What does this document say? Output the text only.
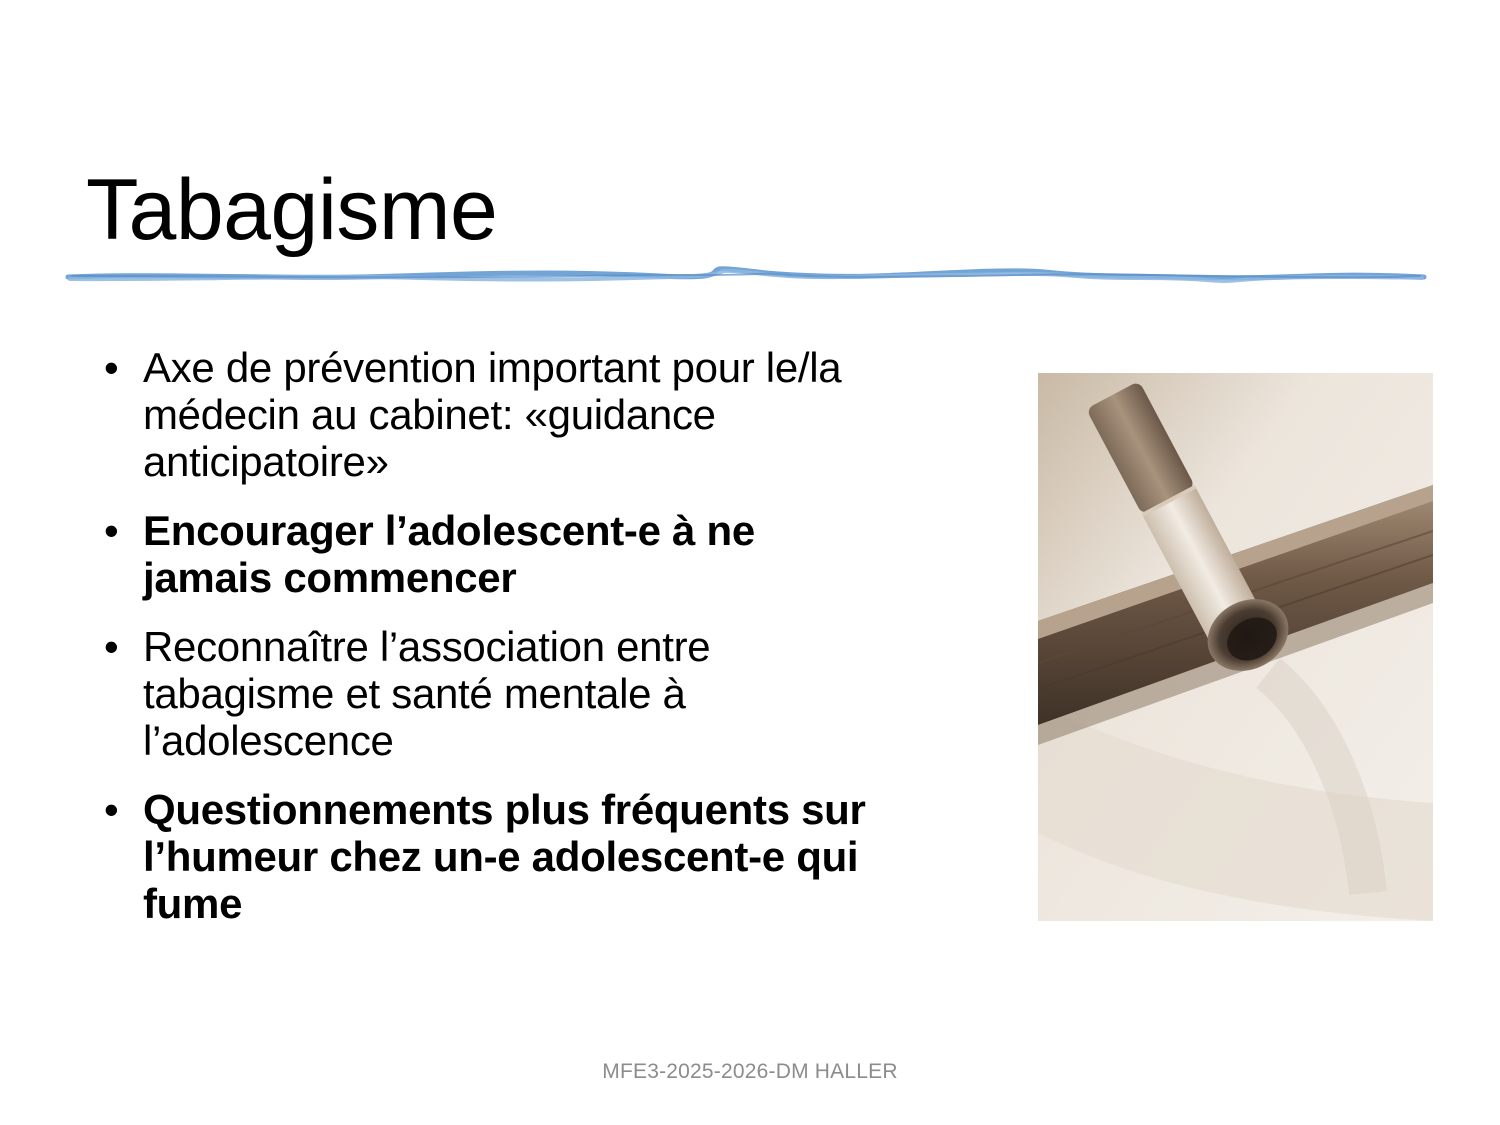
Tabagisme
• Axe de prévention important pour le/la médecin au cabinet: «guidance anticipatoire»
• Encourager l’adolescent-e à ne jamais commencer
• Reconnaître l’association entre tabagisme et santé mentale à l’adolescence
• Questionnements plus fréquents sur l’humeur chez un-e adolescent-e qui fume
MFE3-2025-2026-DM HALLER
